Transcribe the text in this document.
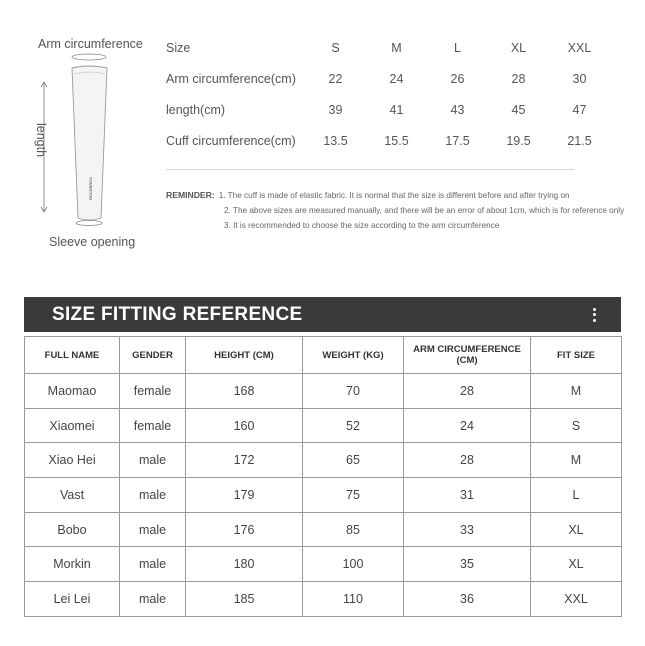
Arm circumference
length
Sleeve opening
ROCKBROS
Size	S	M	L	XL	XXL
Arm circumference(cm)	22	24	26	28	30
length(cm)	39	41	43	45	47
Cuff circumference(cm)	13.5	15.5	17.5	19.5	21.5
REMINDER: 1. The cuff is made of elastic fabric. It is normal that the size is different before and after trying on
2. The above sizes are measured manually, and there will be an error of about 1cm, which is for reference only
3. It is recommended to choose the size according to the arm circumference
SIZE FITTING REFERENCE
FULL NAME	GENDER	HEIGHT (CM)	WEIGHT (KG)	ARM CIRCUMFERENCE (CM)	FIT SIZE
Maomao	female	168	70	28	M
Xiaomei	female	160	52	24	S
Xiao Hei	male	172	65	28	M
Vast	male	179	75	31	L
Bobo	male	176	85	33	XL
Morkin	male	180	100	35	XL
Lei Lei	male	185	110	36	XXL
